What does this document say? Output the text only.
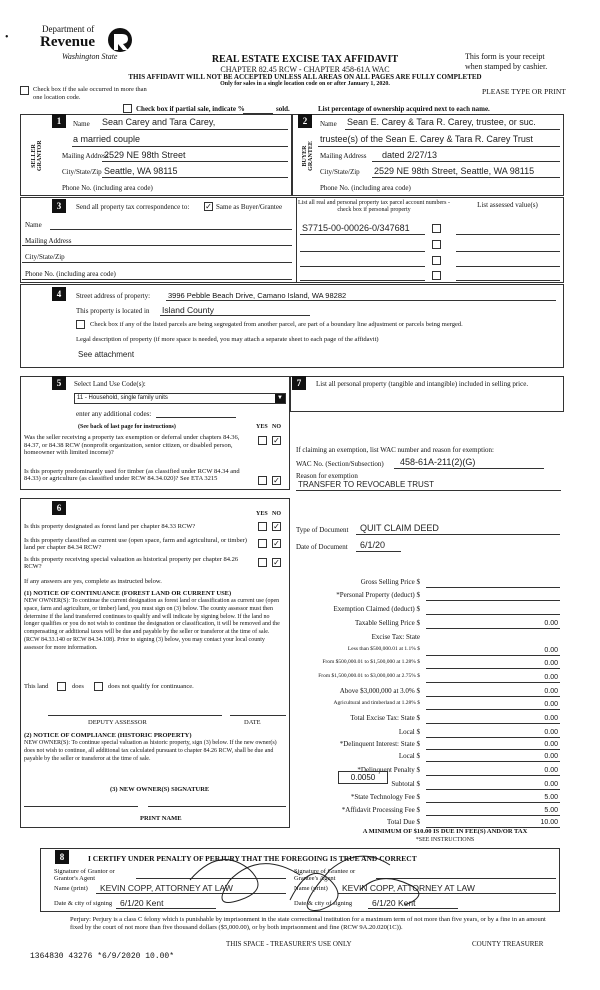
Department of
Revenue
Washington State
•
REAL ESTATE EXCISE TAX AFFIDAVIT
CHAPTER 82.45 RCW - CHAPTER 458-61A WAC
This form is your receipt
when stamped by cashier.
THIS AFFIDAVIT WILL NOT BE ACCEPTED UNLESS ALL AREAS ON ALL PAGES ARE FULLY COMPLETED
Only for sales in a single location code on or after January 1, 2020.
Check box if the sale occurred in more than one location code.
PLEASE TYPE OR PRINT
Check box if partial sale, indicate %	sold.	List percentage of ownership acquired next to each name.
1	2
SELLER GRANTOR	BUYER GRANTEE
Name Sean Carey and Tara Carey,
a married couple
Mailing Address
2529 NE 98th Street
City/State/Zip Seattle, WA 98115
Phone No. (including area code)
Name Sean E. Carey & Tara R. Carey, trustee, or suc.
trustee(s) of the Sean E. Carey & Tara R. Carey Trust
Mailing Address dated 2/27/13
City/State/Zip 2529 NE 98th Street, Seattle, WA 98115
Phone No. (including area code)
3	Send all property tax correspondence to: ✓ Same as Buyer/Grantee	List all real and personal property tax parcel account numbers - check box if personal property
List assessed value(s)
Name
Mailing Address
City/State/Zip
Phone No. (including area code)
S7715-00-00026-0/347681
4	Street address of property: 3996 Pebble Beach Drive, Camano Island, WA 98282
This property is located in Island County
Check box if any of the listed parcels are being segregated from another parcel, are part of a boundary line adjustment or parcels being merged.
Legal description of property (if more space is needed, you may attach a separate sheet to each page of the affidavit)
See attachment
5	Select Land Use Code(s):
11 - Household, single family units	▼
enter any additional codes:
(See back of last page for instructions)	YES NO
Was the seller receiving a property tax exemption or deferral under chapters 84.36, 84.37, or 84.38 RCW (nonprofit organization, senior citizen, or disabled person, homeowner with limited income)?
✓
Is this property predominantly used for timber (as classified under RCW 84.34 and 84.33) or agriculture (as classified under RCW 84.34.020)? See ETA 3215	✓
7	List all personal property (tangible and intangible) included in selling price.
If claiming an exemption, list WAC number and reason for exemption:
WAC No. (Section/Subsection) 458-61A-211(2)(G)
Reason for exemption
TRANSFER TO REVOCABLE TRUST
Type of Document QUIT CLAIM DEED
Date of Document 6/1/20
6
YES NO
Is this property designated as forest land per chapter 84.33 RCW?	✓
Is this property classified as current use (open space, farm and agricultural, or timber) land per chapter 84.34 RCW?	✓
Is this property receiving special valuation as historical property per chapter 84.26 RCW?	✓
If any answers are yes, complete as instructed below.
(1) NOTICE OF CONTINUANCE (FOREST LAND OR CURRENT USE)
NEW OWNER(S): To continue the current designation as forest land or classification as current use (open space, farm and agriculture, or timber) land, you must sign on (3) below. The county assessor must then determine if the land transferred continues to qualify and will indicate by signing below. If the land no longer qualifies or you do not wish to continue the designation or classification, it will be removed and the compensating or additional taxes will be due and payable by the seller or transferor at the time of sale. (RCW 84.33.140 or RCW 84.34.108). Prior to signing (3) below, you may contact your local county assessor for more information.
This land	does	does not qualify for continuance.
DEPUTY ASSESSOR	DATE
(2) NOTICE OF COMPLIANCE (HISTORIC PROPERTY)
NEW OWNER(S): To continue special valuation as historic property, sign (3) below. If the new owner(s) does not wish to continue, all additional tax calculated pursuant to chapter 84.26 RCW, shall be due and payable by the seller or transferor at the time of sale.
(3) NEW OWNER(S) SIGNATURE
PRINT NAME
Gross Selling Price $
*Personal Property (deduct) $
Exemption Claimed (deduct) $
Taxable Selling Price $	0.00
Excise Tax: State
Less than $500,000.01 at 1.1% $	0.00
From $500,000.01 to $1,500,000 at 1.28% $	0.00
From $1,500,000.01 to $3,000,000 at 2.75% $	0.00
Above $3,000,000 at 3.0% $	0.00
Agricultural and timberland at 1.28% $	0.00
Total Excise Tax: State $	0.00
Local $	0.00
*Delinquent Interest: State $	0.00
Local $	0.00
*Delinquent Penalty $	0.00
Subtotal $	0.00
*State Technology Fee $	5.00
*Affidavit Processing Fee $	5.00
Total Due $	10.00
0.0050
A MINIMUM OF $10.00 IS DUE IN FEE(S) AND/OR TAX
*SEE INSTRUCTIONS
8	I CERTIFY UNDER PENALTY OF PERJURY THAT THE FOREGOING IS TRUE AND CORRECT
Signature of Grantor or Grantor's Agent
Signature of Grantee or Grantee's Agent
Name (print) KEVIN COPP, ATTORNEY AT LAW	Name (print) KEVIN COPP, ATTORNEY AT LAW
Date & city of signing 6/1/20 Kent	Date & city of signing 6/1/20 Kent
Perjury: Perjury is a class C felony which is punishable by imprisonment in the state correctional institution for a maximum term of not more than five years, or by a fine in an amount fixed by the court of not more than five thousand dollars ($5,000.00), or by both imprisonment and fine (RCW 9A.20.020(1C)).
THIS SPACE - TREASURER'S USE ONLY	COUNTY TREASURER
1364830 43276 *6/9/2020 10.00*
